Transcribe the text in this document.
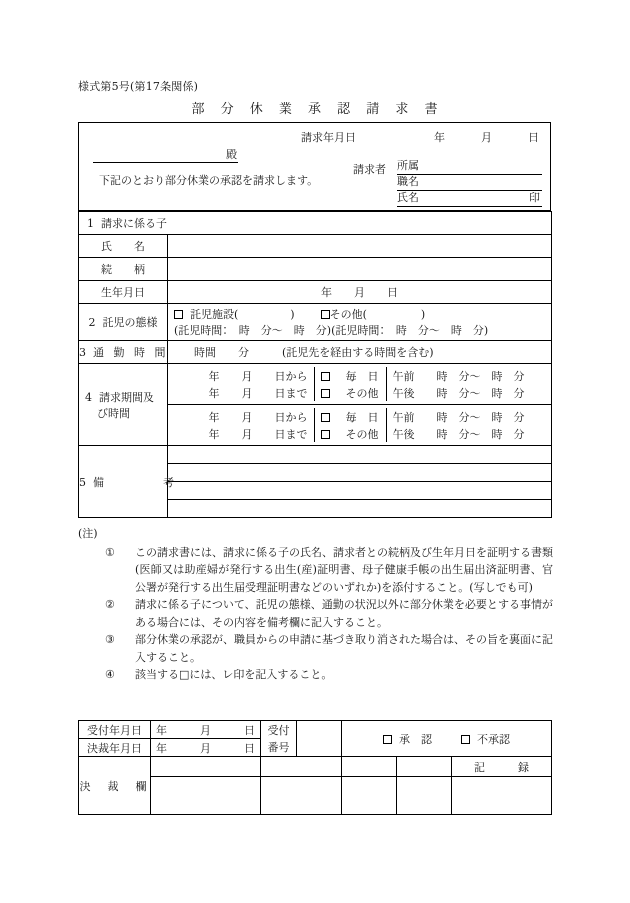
様式第5号(第17条関係)
部 分 休 業 承 認 請 求 書
請求年月日	年	月	日
殿
下記のとおり部分休業の承認を請求します。
請求者 所属
職名
氏名	印
1 請求に係る子
氏　　名	
続　　柄	
生年月日	年 月 日
2 託児の態様	
託児施設(	)	その他(	)
(託児時間：　時　分〜　時　分)(託児時間：　時　分〜　時　分)

3 通 勤 時 間	時間　　分　　　(託児先を経由する時間を含む)

4 請求期間及
び時間

年　　月　　日から	毎　日	午前 時　分〜　時　分
年　　月　　日まで	その他	午後 時　分〜　時　分

年　　月　　日から	毎　日	午前 時　分〜　時　分
年　　月　　日まで	その他	午後 時　分〜　時　分

5 備　　　　考	

(注)
①	この請求書には、請求に係る子の氏名、請求者との続柄及び生年月日を証明する書類(医師又は助産婦が発行する出生(産)証明書、母子健康手帳の出生届出済証明書、官公署が発行する出生届受理証明書などのいずれか)を添付すること。(写しでも可)
②	請求に係る子について、託児の態様、通勤の状況以外に部分休業を必要とする事情がある場合には、その内容を備考欄に記入すること。
③	部分休業の承認が、職員からの申請に基づき取り消された場合は、その旨を裏面に記入すること。
④	該当する□には、レ印を記入すること。
受付年月日	年　　　月　　　日	受付		承　認 不承認		
決裁年月日	年　　　月　　　日	番号				
決　裁　欄						記　　　録
